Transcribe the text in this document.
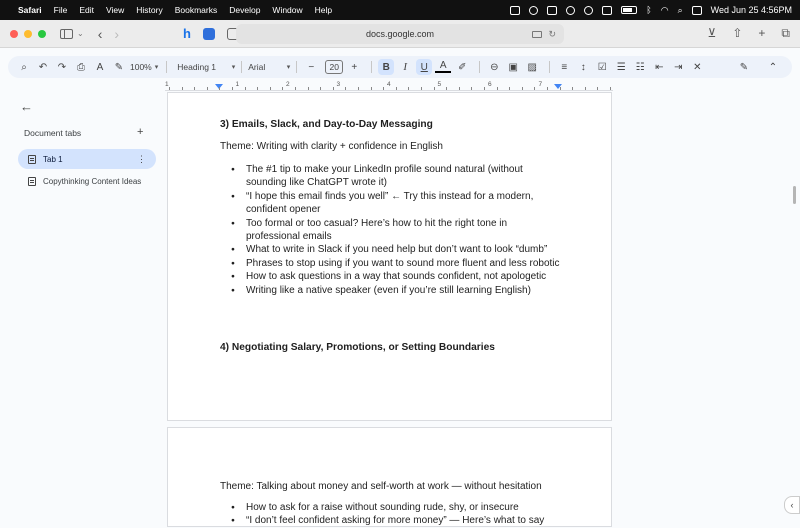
Safari File Edit View History Bookmarks Develop Window Help	ᛒ ◠ ⌕	Wed Jun 25 4:56PM
⌄ ‹ ›	h	docs.google.com	↻	⊻ ⇧ + ⧉
⌕	↶	↷	⎙	A	✎ 100% ▾ Heading 1 ▾ Arial	▾	−	20	+	B	I	U	A	✐	⊖	▣ ▨	≡	↕	☑	☰	☷	⇤	⇥	✕	✎	⌃
1	1	2	3	4	5	6	7
←
Document tabs	+
Tab 1	⋮
Copythinking Content Ideas
3) Emails, Slack, and Day-to-Day Messaging
Theme: Writing with clarity + confidence in English
● The #1 tip to make your LinkedIn profile sound natural (without sounding like ChatGPT wrote it)
● “I hope this email finds you well” ← Try this instead for a modern, confident opener
● Too formal or too casual? Here’s how to hit the right tone in professional emails
● What to write in Slack if you need help but don’t want to look “dumb”
● Phrases to stop using if you want to sound more fluent and less robotic
● How to ask questions in a way that sounds confident, not apologetic
● Writing like a native speaker (even if you’re still learning English)
4) Negotiating Salary, Promotions, or Setting Boundaries
Theme: Talking about money and self-worth at work — without hesitation
● How to ask for a raise without sounding rude, shy, or insecure
● “I don’t feel confident asking for more money” — Here’s what to say
‹
